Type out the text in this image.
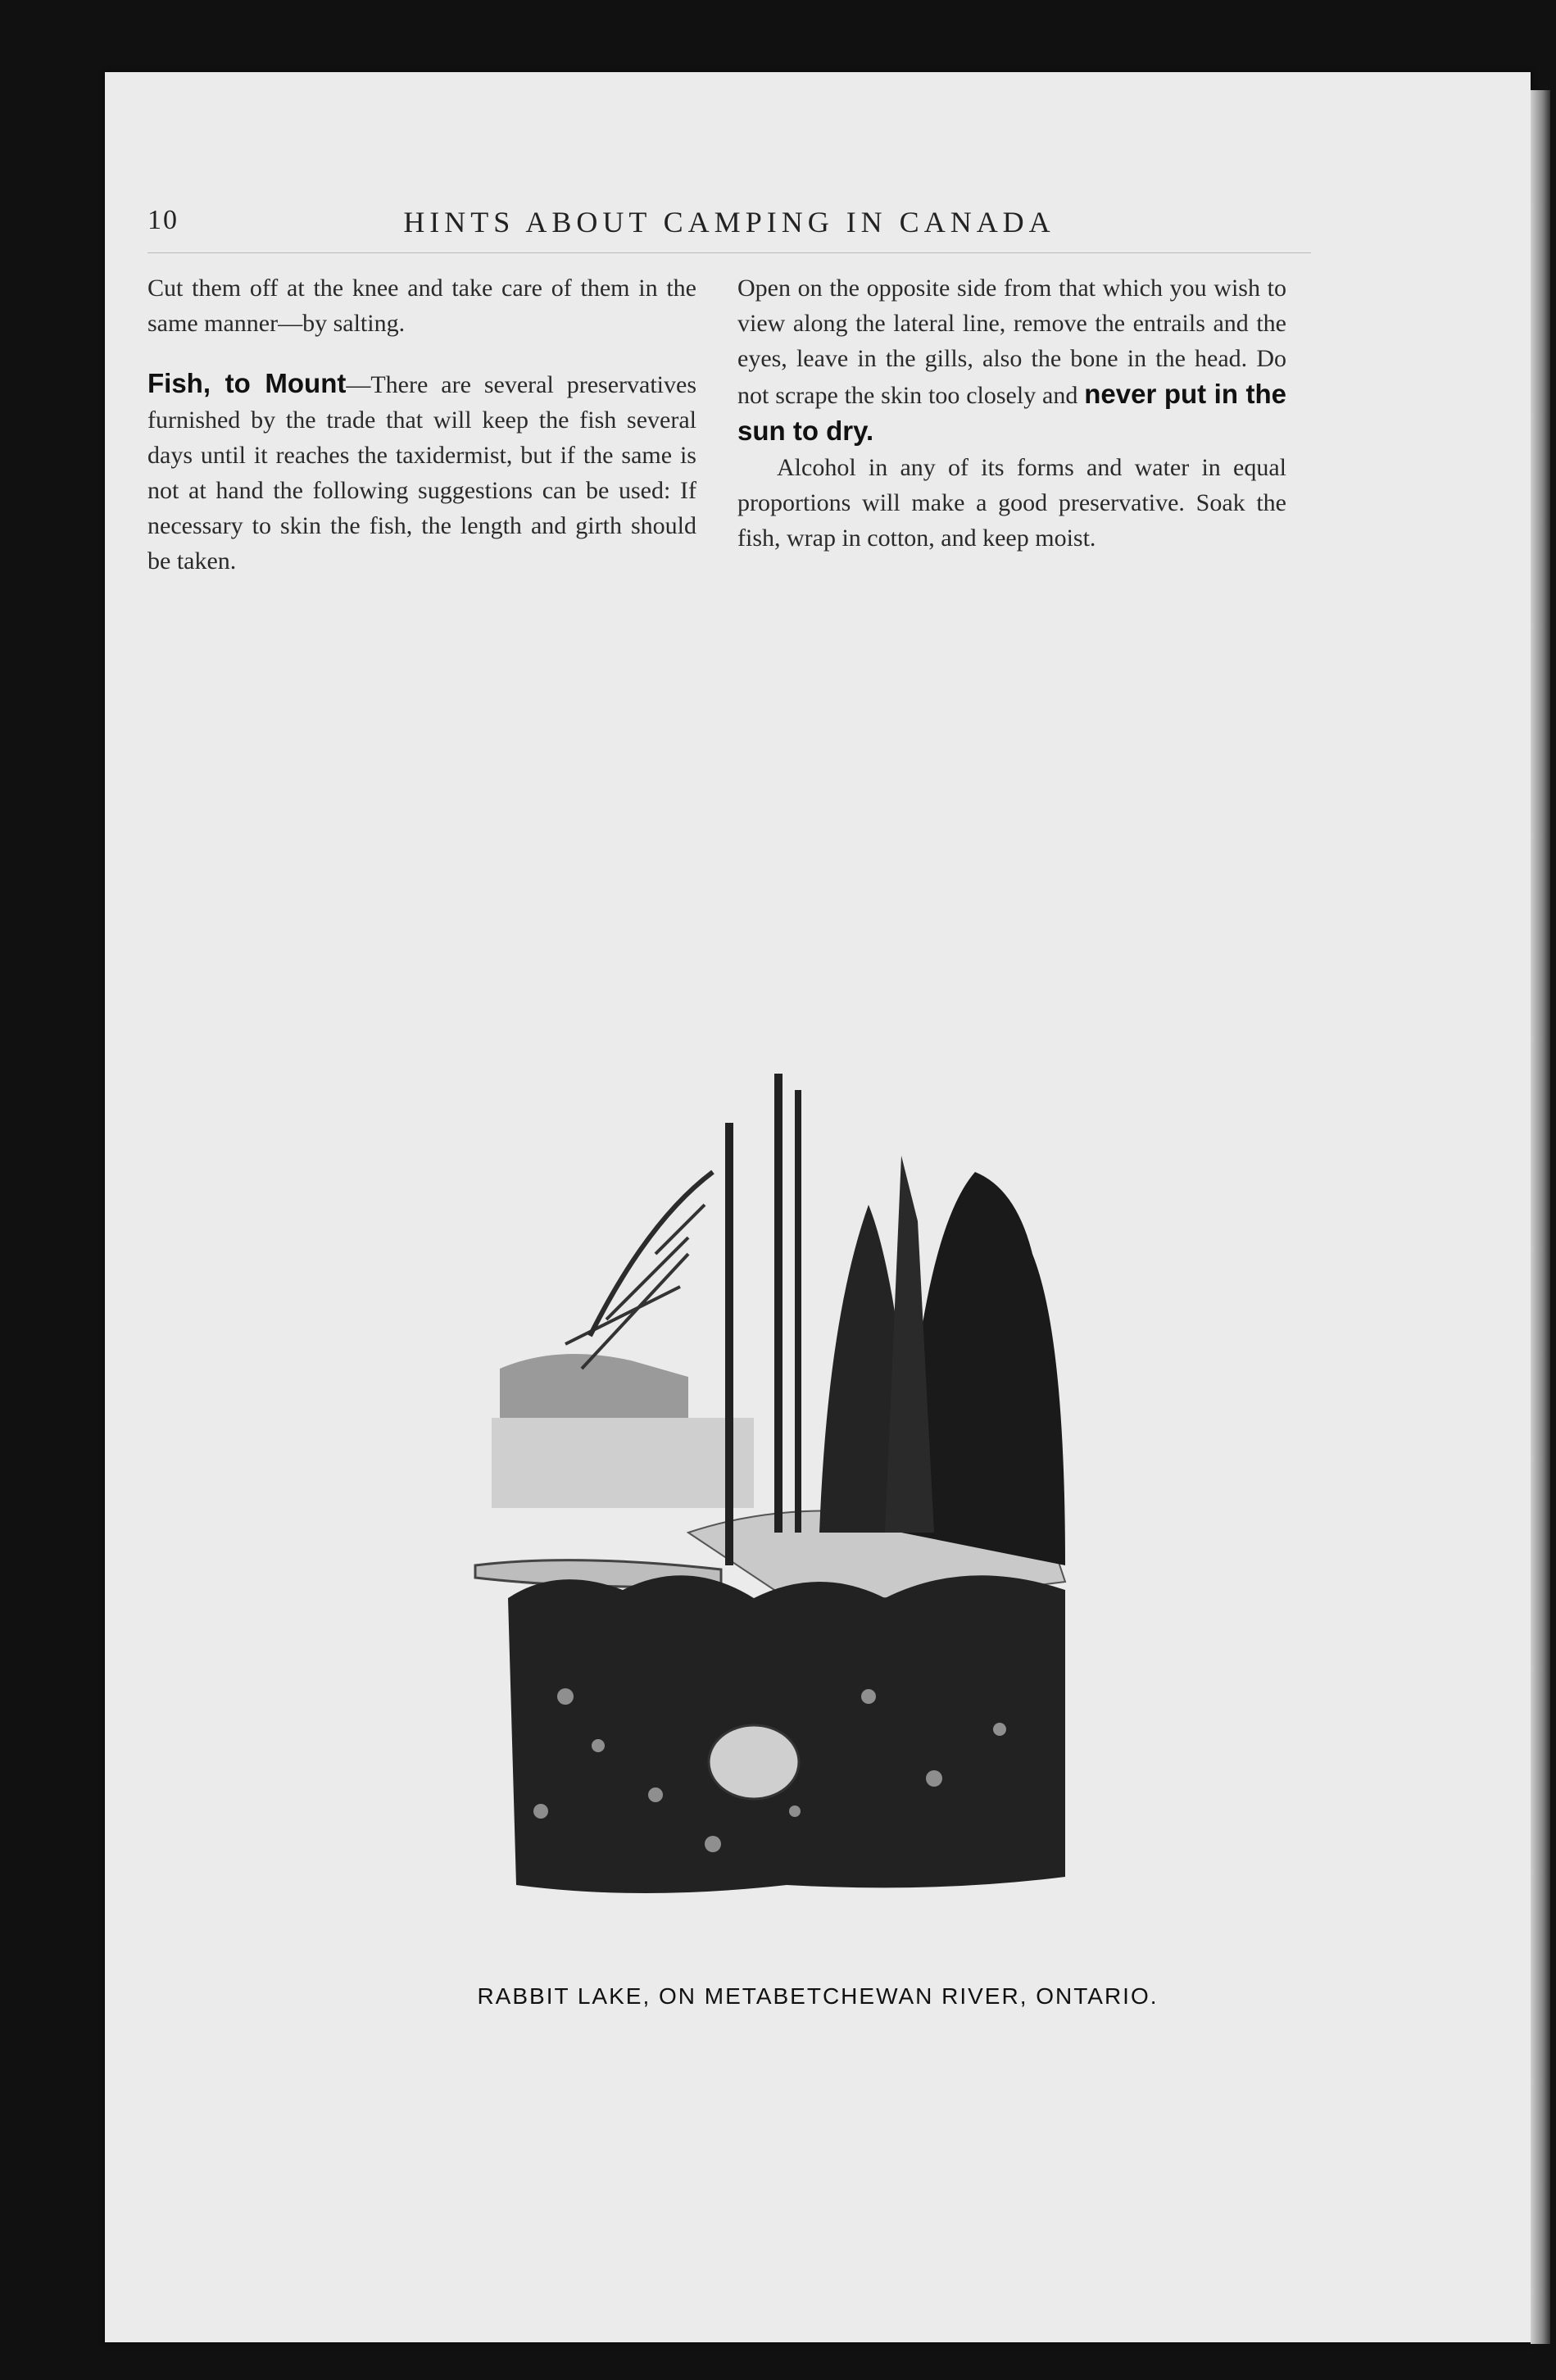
10	HINTS ABOUT CAMPING IN CANADA

Cut them off at the knee and take care of them in the same manner—by salting.

Fish, to Mount—There are several preservatives furnished by the trade that will keep the fish several days until it reaches the taxidermist, but if the same is not at hand the following suggestions can be used: If necessary to skin the fish, the length and girth should be taken.

Open on the opposite side from that which you wish to view along the lateral line, remove the entrails and the eyes, leave in the gills, also the bone in the head. Do not scrape the skin too closely and never put in the sun to dry.

Alcohol in any of its forms and water in equal proportions will make a good preservative. Soak the fish, wrap in cotton, and keep moist.

RABBIT LAKE, ON METABETCHEWAN RIVER, ONTARIO.
